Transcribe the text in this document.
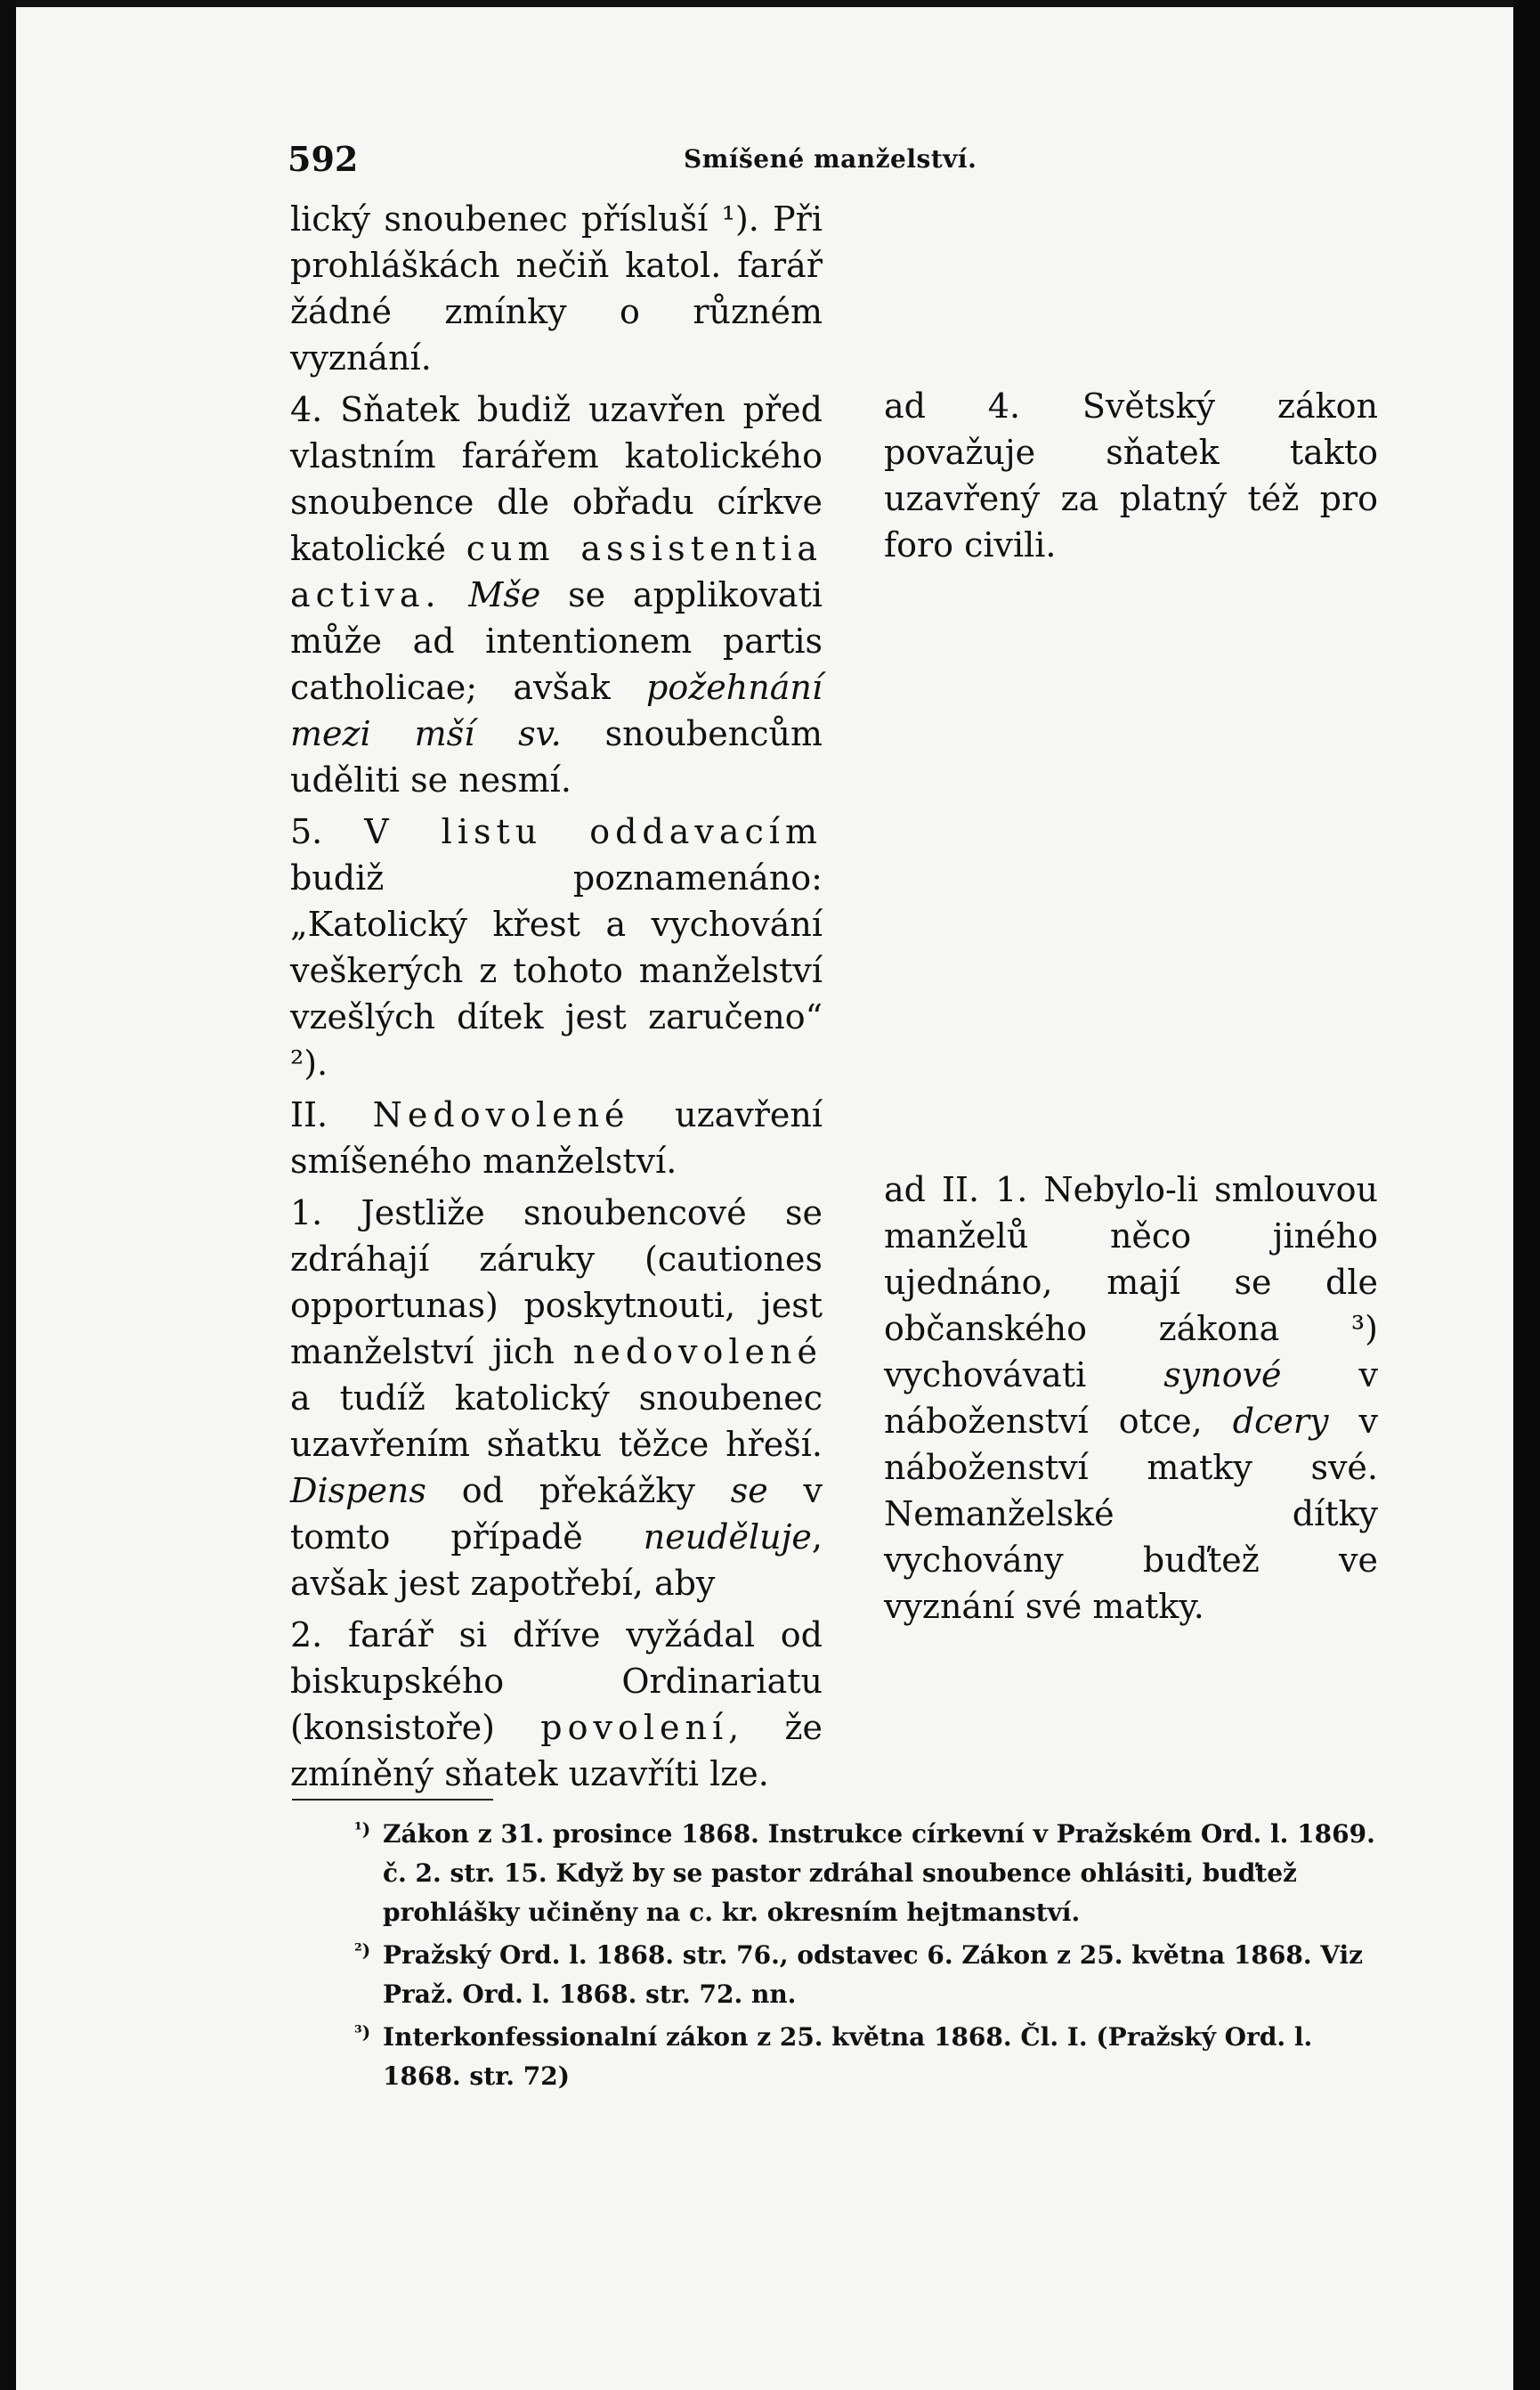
592	Smíšené manželství.

lický snoubenec přísluší ¹). Při prohláškách nečiň katol. farář žádné zmínky o různém vyznání.

4. Sňatek budiž uzavřen před vlastním farářem katolického snoubence dle obřadu církve katolické cum assistentia activa. Mše se applikovati může ad intentionem partis catholicae; avšak požehnání mezi mší sv. snoubencům uděliti se nesmí.

5. V listu oddavacím budiž poznamenáno: „Katolický křest a vychování veškerých z tohoto manželství vzešlých dítek jest zaručeno“ ²).

II. Nedovolené uzavření smíšeného manželství.

1. Jestliže snoubencové se zdráhají záruky (cautiones opportunas) poskytnouti, jest manželství jich nedovolené a tudíž katolický snoubenec uzavřením sňatku těžce hřeší. Dispens od překážky se v tomto případě neuděluje, avšak jest zapotřebí, aby

2. farář si dříve vyžádal od biskupského Ordinariatu (konsistoře) povolení, že zmíněný sňatek uzavříti lze.

ad 4. Světský zákon považuje sňatek takto uzavřený za platný též pro foro civili.

ad II. 1. Nebylo-li smlouvou manželů něco jiného ujednáno, mají se dle občanského zákona ³) vychovávati synové v náboženství otce, dcery v náboženství matky své. Nemanželské dítky vychovány buďtež ve vyznání své matky.

¹) Zákon z 31. prosince 1868. Instrukce církevní v Pražském Ord. l. 1869. č. 2. str. 15. Když by se pastor zdráhal snoubence ohlásiti, buďtež prohlášky učiněny na c. kr. okresním hejtmanství.
²) Pražský Ord. l. 1868. str. 76., odstavec 6. Zákon z 25. května 1868. Viz Praž. Ord. l. 1868. str. 72. nn.
³) Interkonfessionalní zákon z 25. května 1868. Čl. I. (Pražský Ord. l. 1868. str. 72)
